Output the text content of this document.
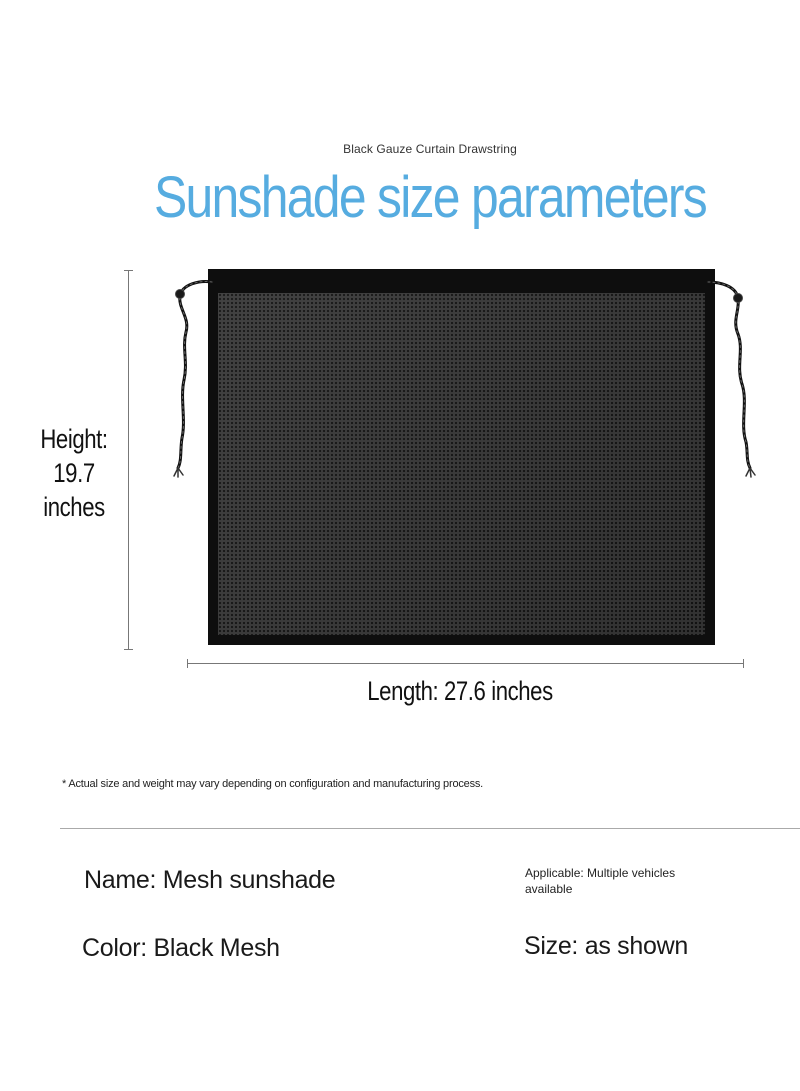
Black Gauze Curtain Drawstring
Sunshade size parameters
Height:
19.7 inches
Length: 27.6 inches
* Actual size and weight may vary depending on configuration and manufacturing process.
Name: Mesh sunshade	Applicable: Multiple vehicles available
Color: Black Mesh	Size: as shown
